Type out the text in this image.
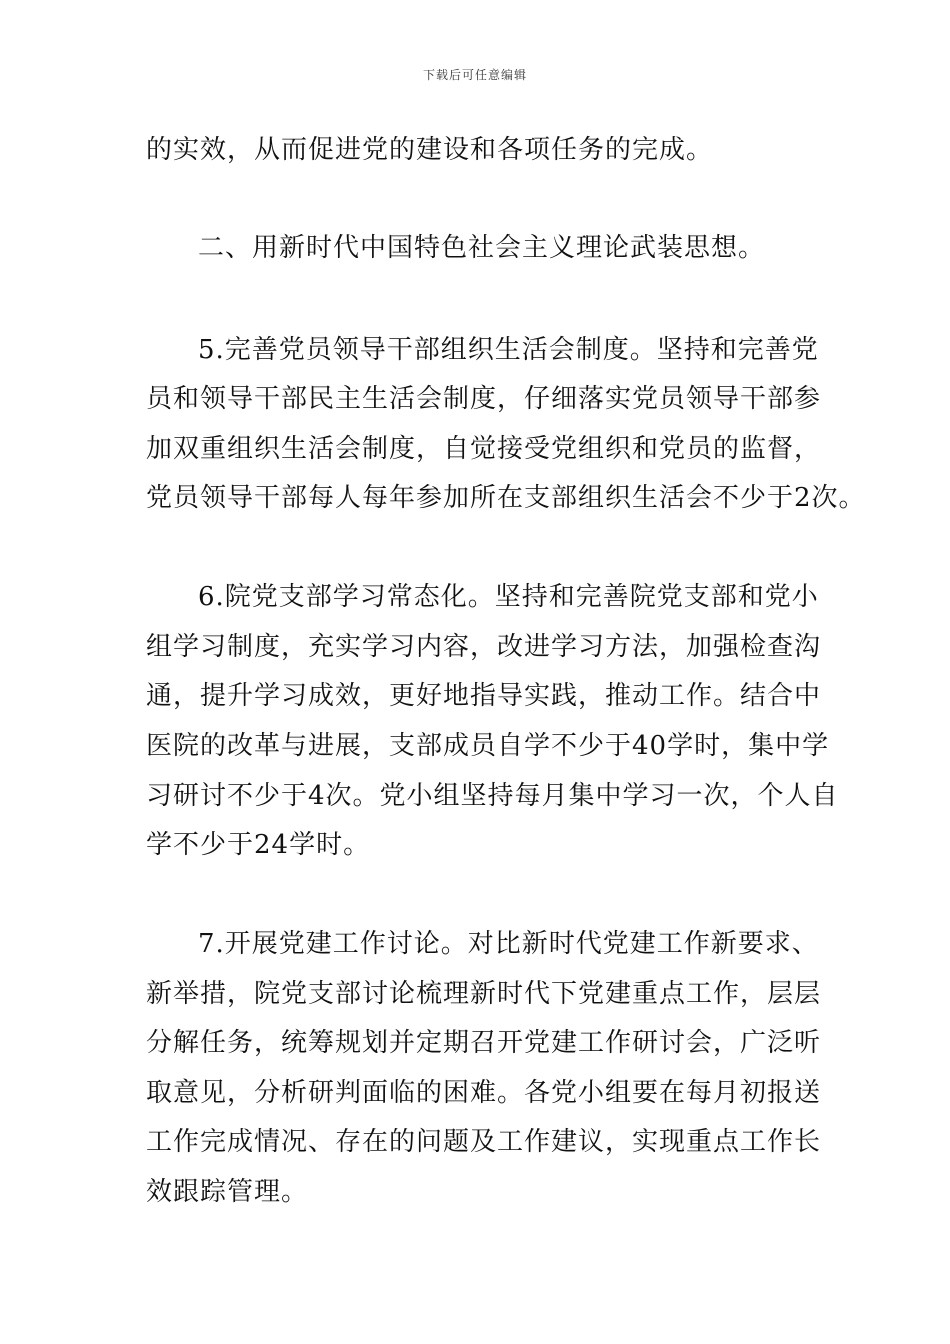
下载后可任意编辑
的实效，从而促进党的建设和各项任务的完成。
二、用新时代中国特色社会主义理论武装思想。
5.完善党员领导干部组织生活会制度。坚持和完善党
员和领导干部民主生活会制度，仔细落实党员领导干部参
加双重组织生活会制度，自觉接受党组织和党员的监督，
党员领导干部每人每年参加所在支部组织生活会不少于2次。
6.院党支部学习常态化。坚持和完善院党支部和党小
组学习制度，充实学习内容，改进学习方法，加强检查沟
通，提升学习成效，更好地指导实践，推动工作。结合中
医院的改革与进展，支部成员自学不少于40学时，集中学
习研讨不少于4次。党小组坚持每月集中学习一次，个人自
学不少于24学时。
7.开展党建工作讨论。对比新时代党建工作新要求、
新举措，院党支部讨论梳理新时代下党建重点工作，层层
分解任务，统筹规划并定期召开党建工作研讨会，广泛听
取意见，分析研判面临的困难。各党小组要在每月初报送
工作完成情况、存在的问题及工作建议，实现重点工作长
效跟踪管理。
